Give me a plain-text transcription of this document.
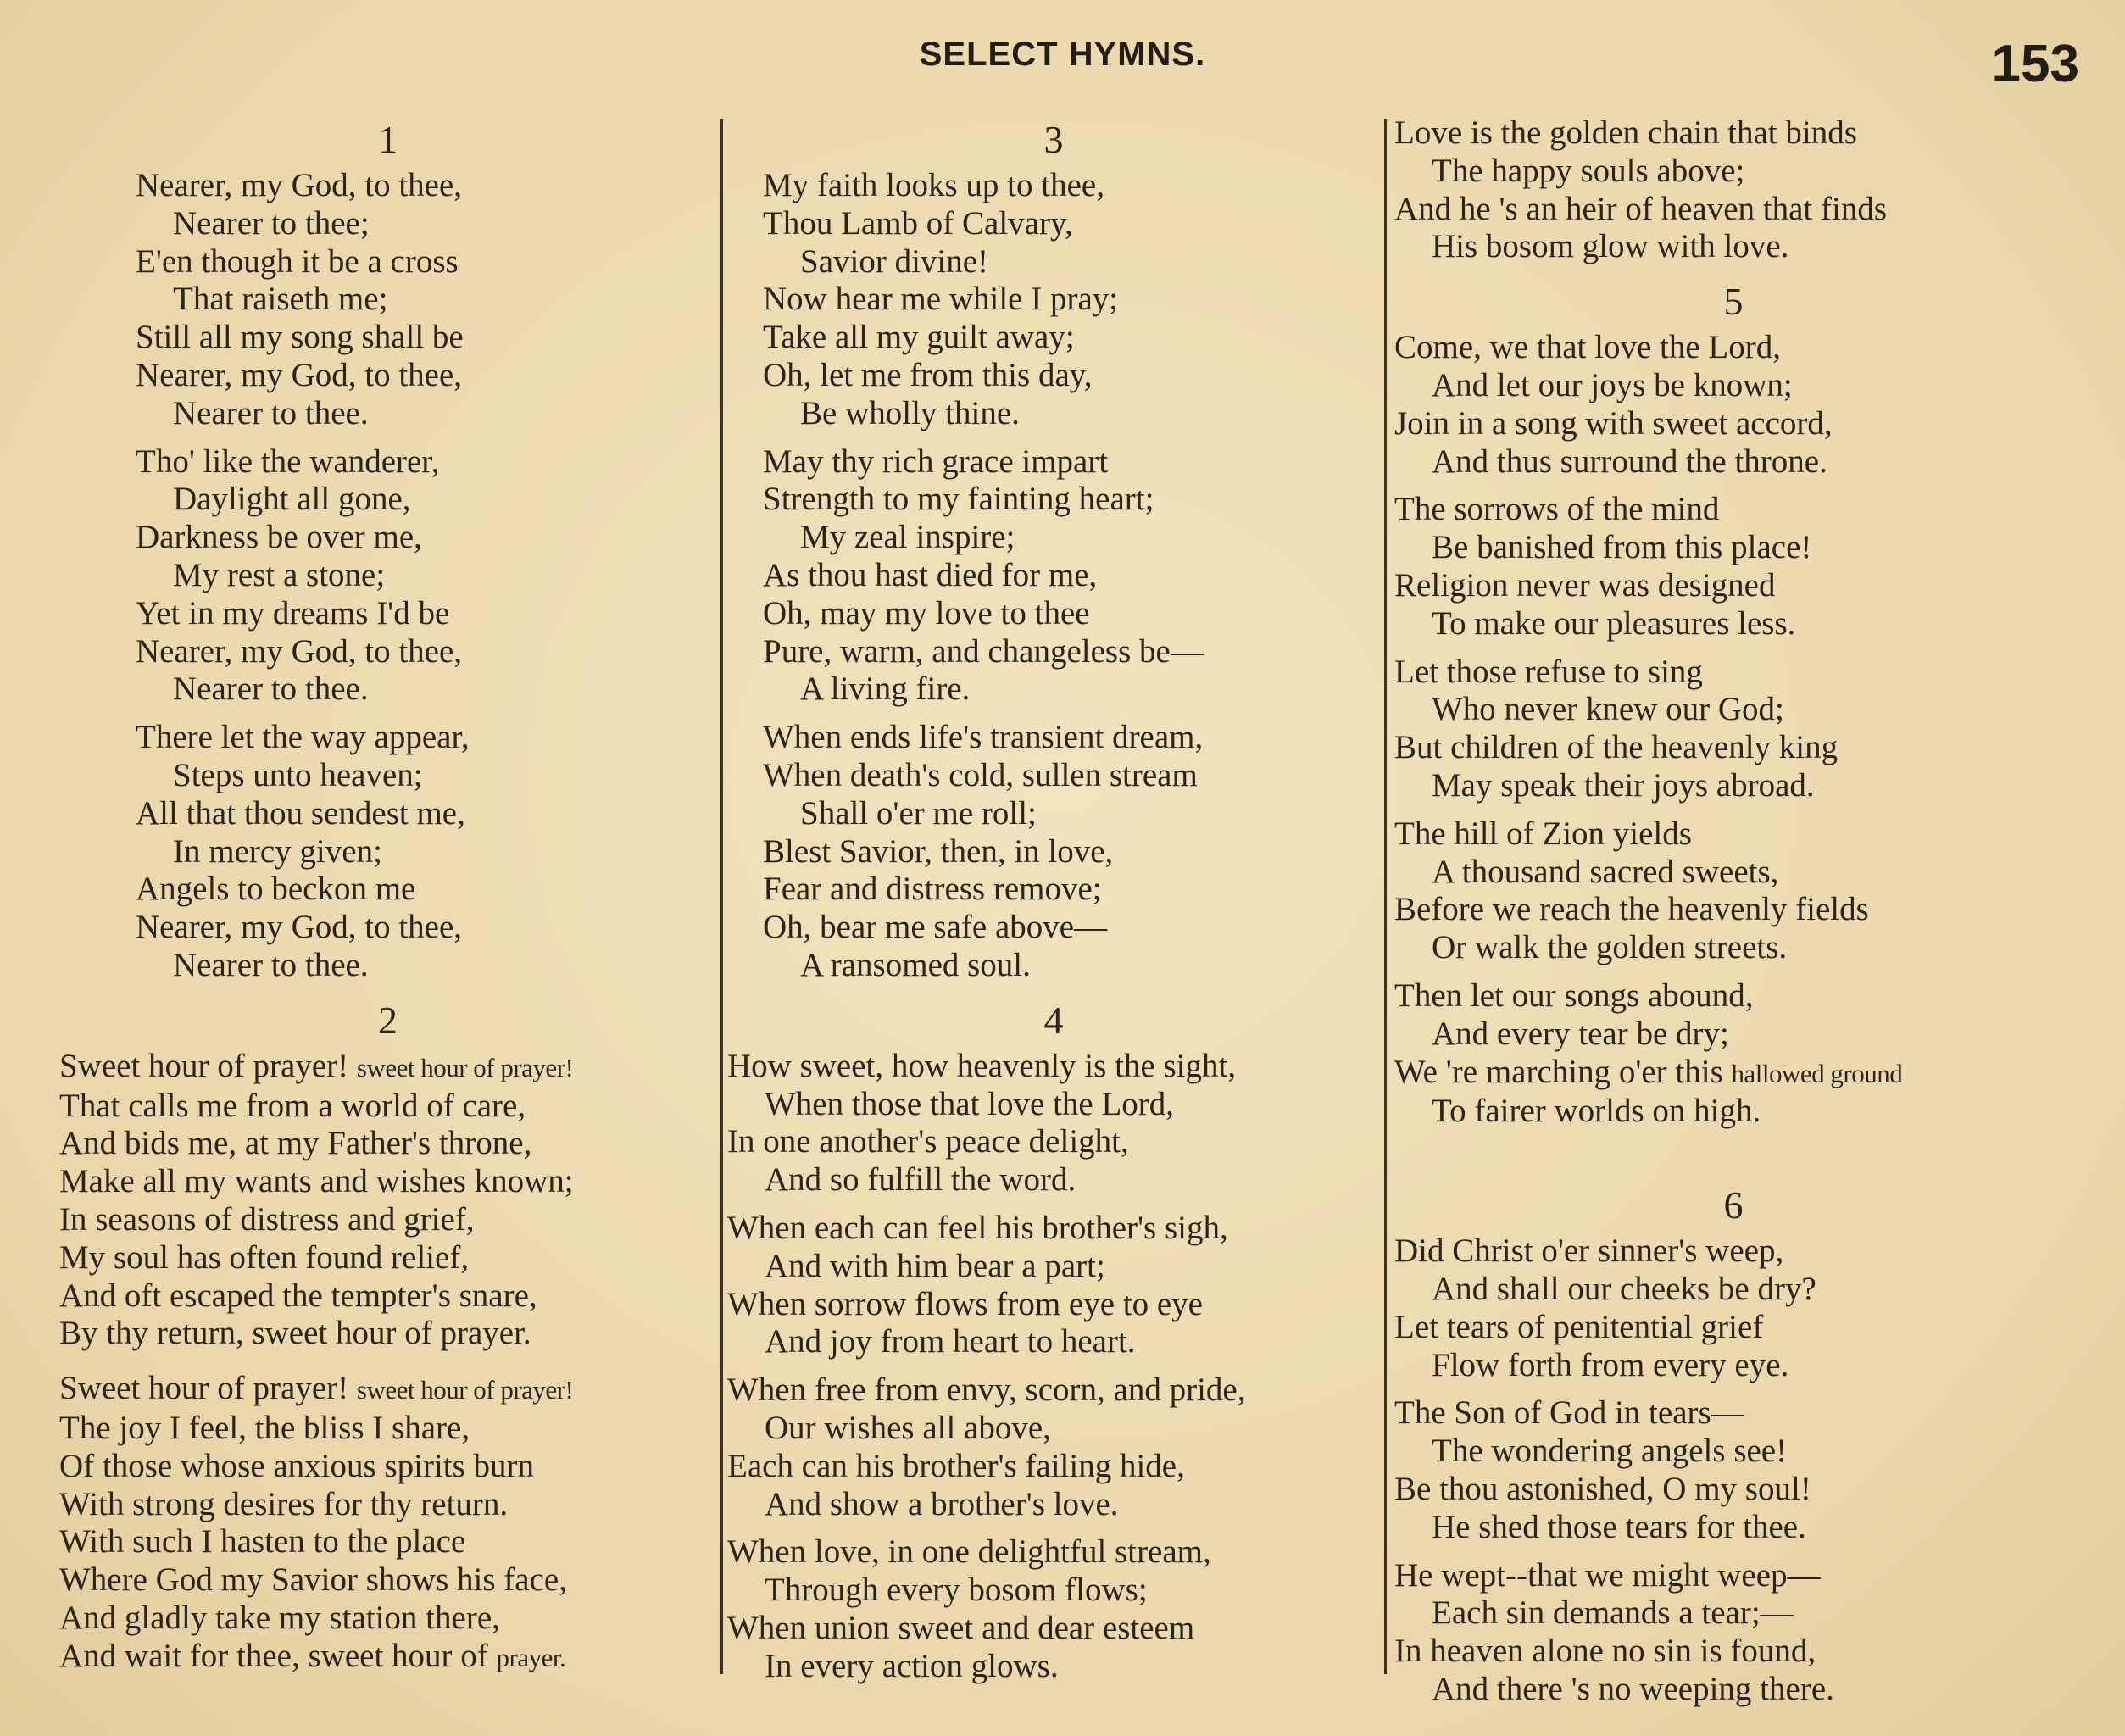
SELECT HYMNS.	153
1
Nearer, my God, to thee,
Nearer to thee;
E'en though it be a cross
That raiseth me;
Still all my song shall be
Nearer, my God, to thee,
Nearer to thee.
Tho' like the wanderer,
Daylight all gone,
Darkness be over me,
My rest a stone;
Yet in my dreams I'd be
Nearer, my God, to thee,
Nearer to thee.
There let the way appear,
Steps unto heaven;
All that thou sendest me,
In mercy given;
Angels to beckon me
Nearer, my God, to thee,
Nearer to thee.
2
Sweet hour of prayer! sweet hour of prayer!
That calls me from a world of care,
And bids me, at my Father's throne,
Make all my wants and wishes known;
In seasons of distress and grief,
My soul has often found relief,
And oft escaped the tempter's snare,
By thy return, sweet hour of prayer.
Sweet hour of prayer! sweet hour of prayer!
The joy I feel, the bliss I share,
Of those whose anxious spirits burn
With strong desires for thy return.
With such I hasten to the place
Where God my Savior shows his face,
And gladly take my station there,
And wait for thee, sweet hour of prayer.
3
My faith looks up to thee,
Thou Lamb of Calvary,
Savior divine!
Now hear me while I pray;
Take all my guilt away;
Oh, let me from this day,
Be wholly thine.
May thy rich grace impart
Strength to my fainting heart;
My zeal inspire;
As thou hast died for me,
Oh, may my love to thee
Pure, warm, and changeless be—
A living fire.
When ends life's transient dream,
When death's cold, sullen stream
Shall o'er me roll;
Blest Savior, then, in love,
Fear and distress remove;
Oh, bear me safe above—
A ransomed soul.
4
How sweet, how heavenly is the sight,
When those that love the Lord,
In one another's peace delight,
And so fulfill the word.
When each can feel his brother's sigh,
And with him bear a part;
When sorrow flows from eye to eye
And joy from heart to heart.
When free from envy, scorn, and pride,
Our wishes all above,
Each can his brother's failing hide,
And show a brother's love.
When love, in one delightful stream,
Through every bosom flows;
When union sweet and dear esteem
In every action glows.
Love is the golden chain that binds
The happy souls above;
And he 's an heir of heaven that finds
His bosom glow with love.
5
Come, we that love the Lord,
And let our joys be known;
Join in a song with sweet accord,
And thus surround the throne.
The sorrows of the mind
Be banished from this place!
Religion never was designed
To make our pleasures less.
Let those refuse to sing
Who never knew our God;
But children of the heavenly king
May speak their joys abroad.
The hill of Zion yields
A thousand sacred sweets,
Before we reach the heavenly fields
Or walk the golden streets.
Then let our songs abound,
And every tear be dry;
We 're marching o'er this hallowed ground
To fairer worlds on high.
6
Did Christ o'er sinner's weep,
And shall our cheeks be dry?
Let tears of penitential grief
Flow forth from every eye.
The Son of God in tears—
The wondering angels see!
Be thou astonished, O my soul!
He shed those tears for thee.
He wept--that we might weep—
Each sin demands a tear;—
In heaven alone no sin is found,
And there 's no weeping there.
